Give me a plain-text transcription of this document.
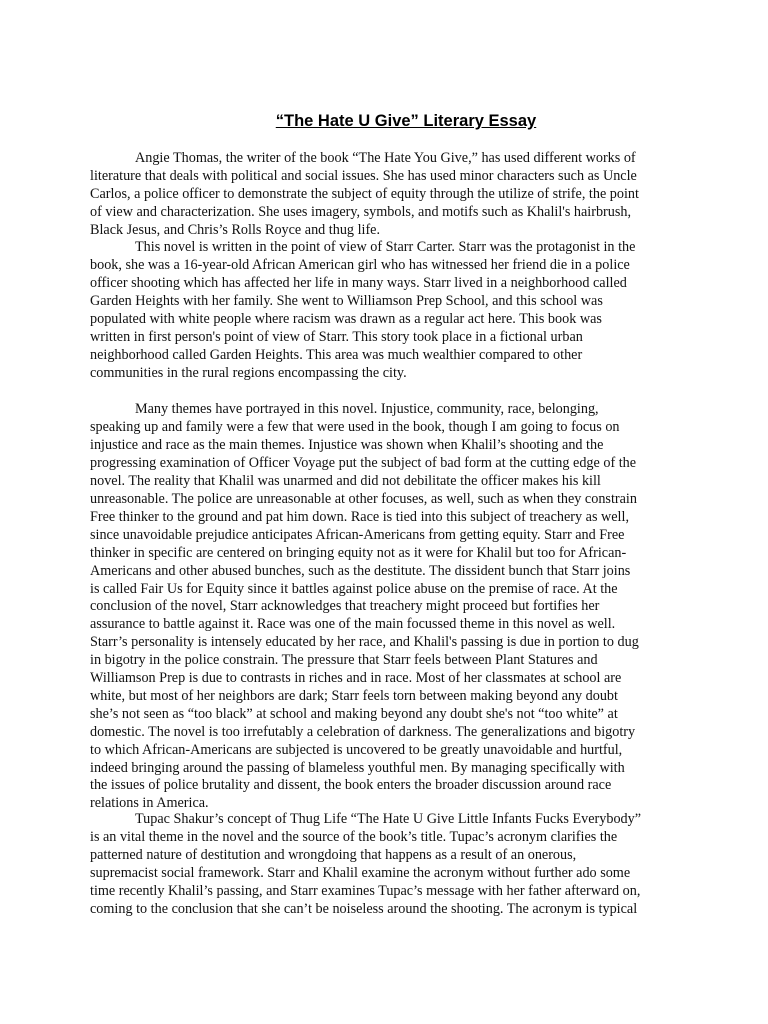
“The Hate U Give” Literary Essay
Angie Thomas, the writer of the book “The Hate You Give,” has used different works of
literature that deals with political and social issues. She has used minor characters such as Uncle
Carlos, a police officer to demonstrate the subject of equity through the utilize of strife, the point
of view and characterization. She uses imagery, symbols, and motifs such as Khalil's hairbrush,
Black Jesus, and Chris’s Rolls Royce and thug life.
This novel is written in the point of view of Starr Carter. Starr was the protagonist in the
book, she was a 16-year-old African American girl who has witnessed her friend die in a police
officer shooting which has affected her life in many ways. Starr lived in a neighborhood called
Garden Heights with her family. She went to Williamson Prep School, and this school was
populated with white people where racism was drawn as a regular act here. This book was
written in first person's point of view of Starr. This story took place in a fictional urban
neighborhood called Garden Heights. This area was much wealthier compared to other
communities in the rural regions encompassing the city.
Many themes have portrayed in this novel. Injustice, community, race, belonging,
speaking up and family were a few that were used in the book, though I am going to focus on
injustice and race as the main themes. Injustice was shown when Khalil’s shooting and the
progressing examination of Officer Voyage put the subject of bad form at the cutting edge of the
novel. The reality that Khalil was unarmed and did not debilitate the officer makes his kill
unreasonable. The police are unreasonable at other focuses, as well, such as when they constrain
Free thinker to the ground and pat him down. Race is tied into this subject of treachery as well,
since unavoidable prejudice anticipates African-Americans from getting equity. Starr and Free
thinker in specific are centered on bringing equity not as it were for Khalil but too for African-
Americans and other abused bunches, such as the destitute. The dissident bunch that Starr joins
is called Fair Us for Equity since it battles against police abuse on the premise of race. At the
conclusion of the novel, Starr acknowledges that treachery might proceed but fortifies her
assurance to battle against it. Race was one of the main focussed theme in this novel as well.
Starr’s personality is intensely educated by her race, and Khalil's passing is due in portion to dug
in bigotry in the police constrain. The pressure that Starr feels between Plant Statures and
Williamson Prep is due to contrasts in riches and in race. Most of her classmates at school are
white, but most of her neighbors are dark; Starr feels torn between making beyond any doubt
she’s not seen as “too black” at school and making beyond any doubt she's not “too white” at
domestic. The novel is too irrefutably a celebration of darkness. The generalizations and bigotry
to which African-Americans are subjected is uncovered to be greatly unavoidable and hurtful,
indeed bringing around the passing of blameless youthful men. By managing specifically with
the issues of police brutality and dissent, the book enters the broader discussion around race
relations in America.
Tupac Shakur’s concept of Thug Life “The Hate U Give Little Infants Fucks Everybody”
is an vital theme in the novel and the source of the book’s title. Tupac’s acronym clarifies the
patterned nature of destitution and wrongdoing that happens as a result of an onerous,
supremacist social framework. Starr and Khalil examine the acronym without further ado some
time recently Khalil’s passing, and Starr examines Tupac’s message with her father afterward on,
coming to the conclusion that she can’t be noiseless around the shooting. The acronym is typical
